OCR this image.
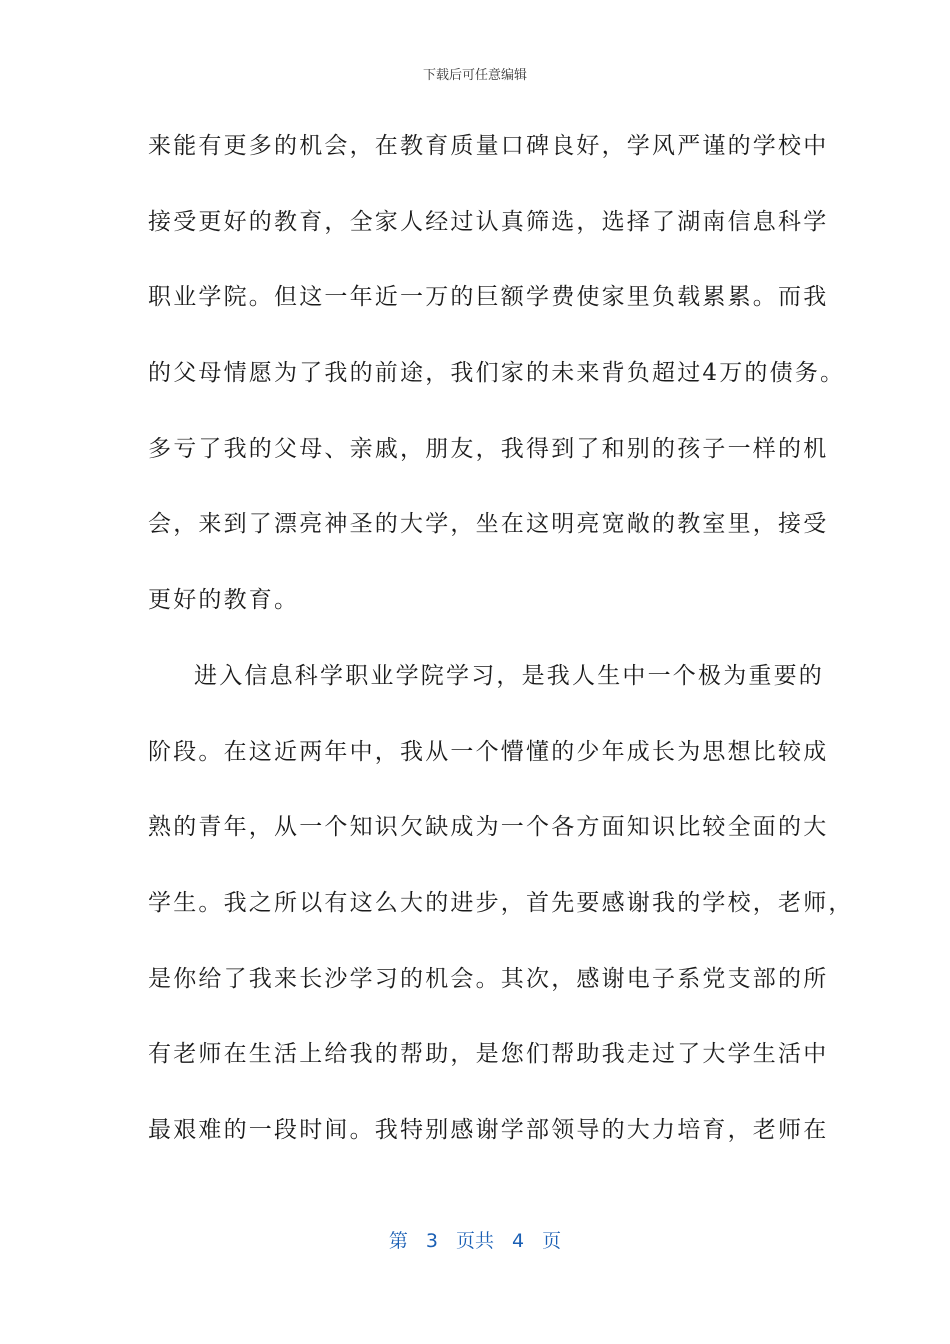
下载后可任意编辑
来能有更多的机会，在教育质量口碑良好，学风严谨的学校中
接受更好的教育，全家人经过认真筛选，选择了湖南信息科学
职业学院。但这一年近一万的巨额学费使家里负载累累。而我
的父母情愿为了我的前途，我们家的未来背负超过4万的债务。
多亏了我的父母、亲戚，朋友，我得到了和别的孩子一样的机
会，来到了漂亮神圣的大学，坐在这明亮宽敞的教室里，接受
更好的教育。
进入信息科学职业学院学习，是我人生中一个极为重要的
阶段。在这近两年中，我从一个懵懂的少年成长为思想比较成
熟的青年，从一个知识欠缺成为一个各方面知识比较全面的大
学生。我之所以有这么大的进步，首先要感谢我的学校，老师，
是你给了我来长沙学习的机会。其次，感谢电子系党支部的所
有老师在生活上给我的帮助，是您们帮助我走过了大学生活中
最艰难的一段时间。我特别感谢学部领导的大力培育，老师在
第 3 页共 4 页
